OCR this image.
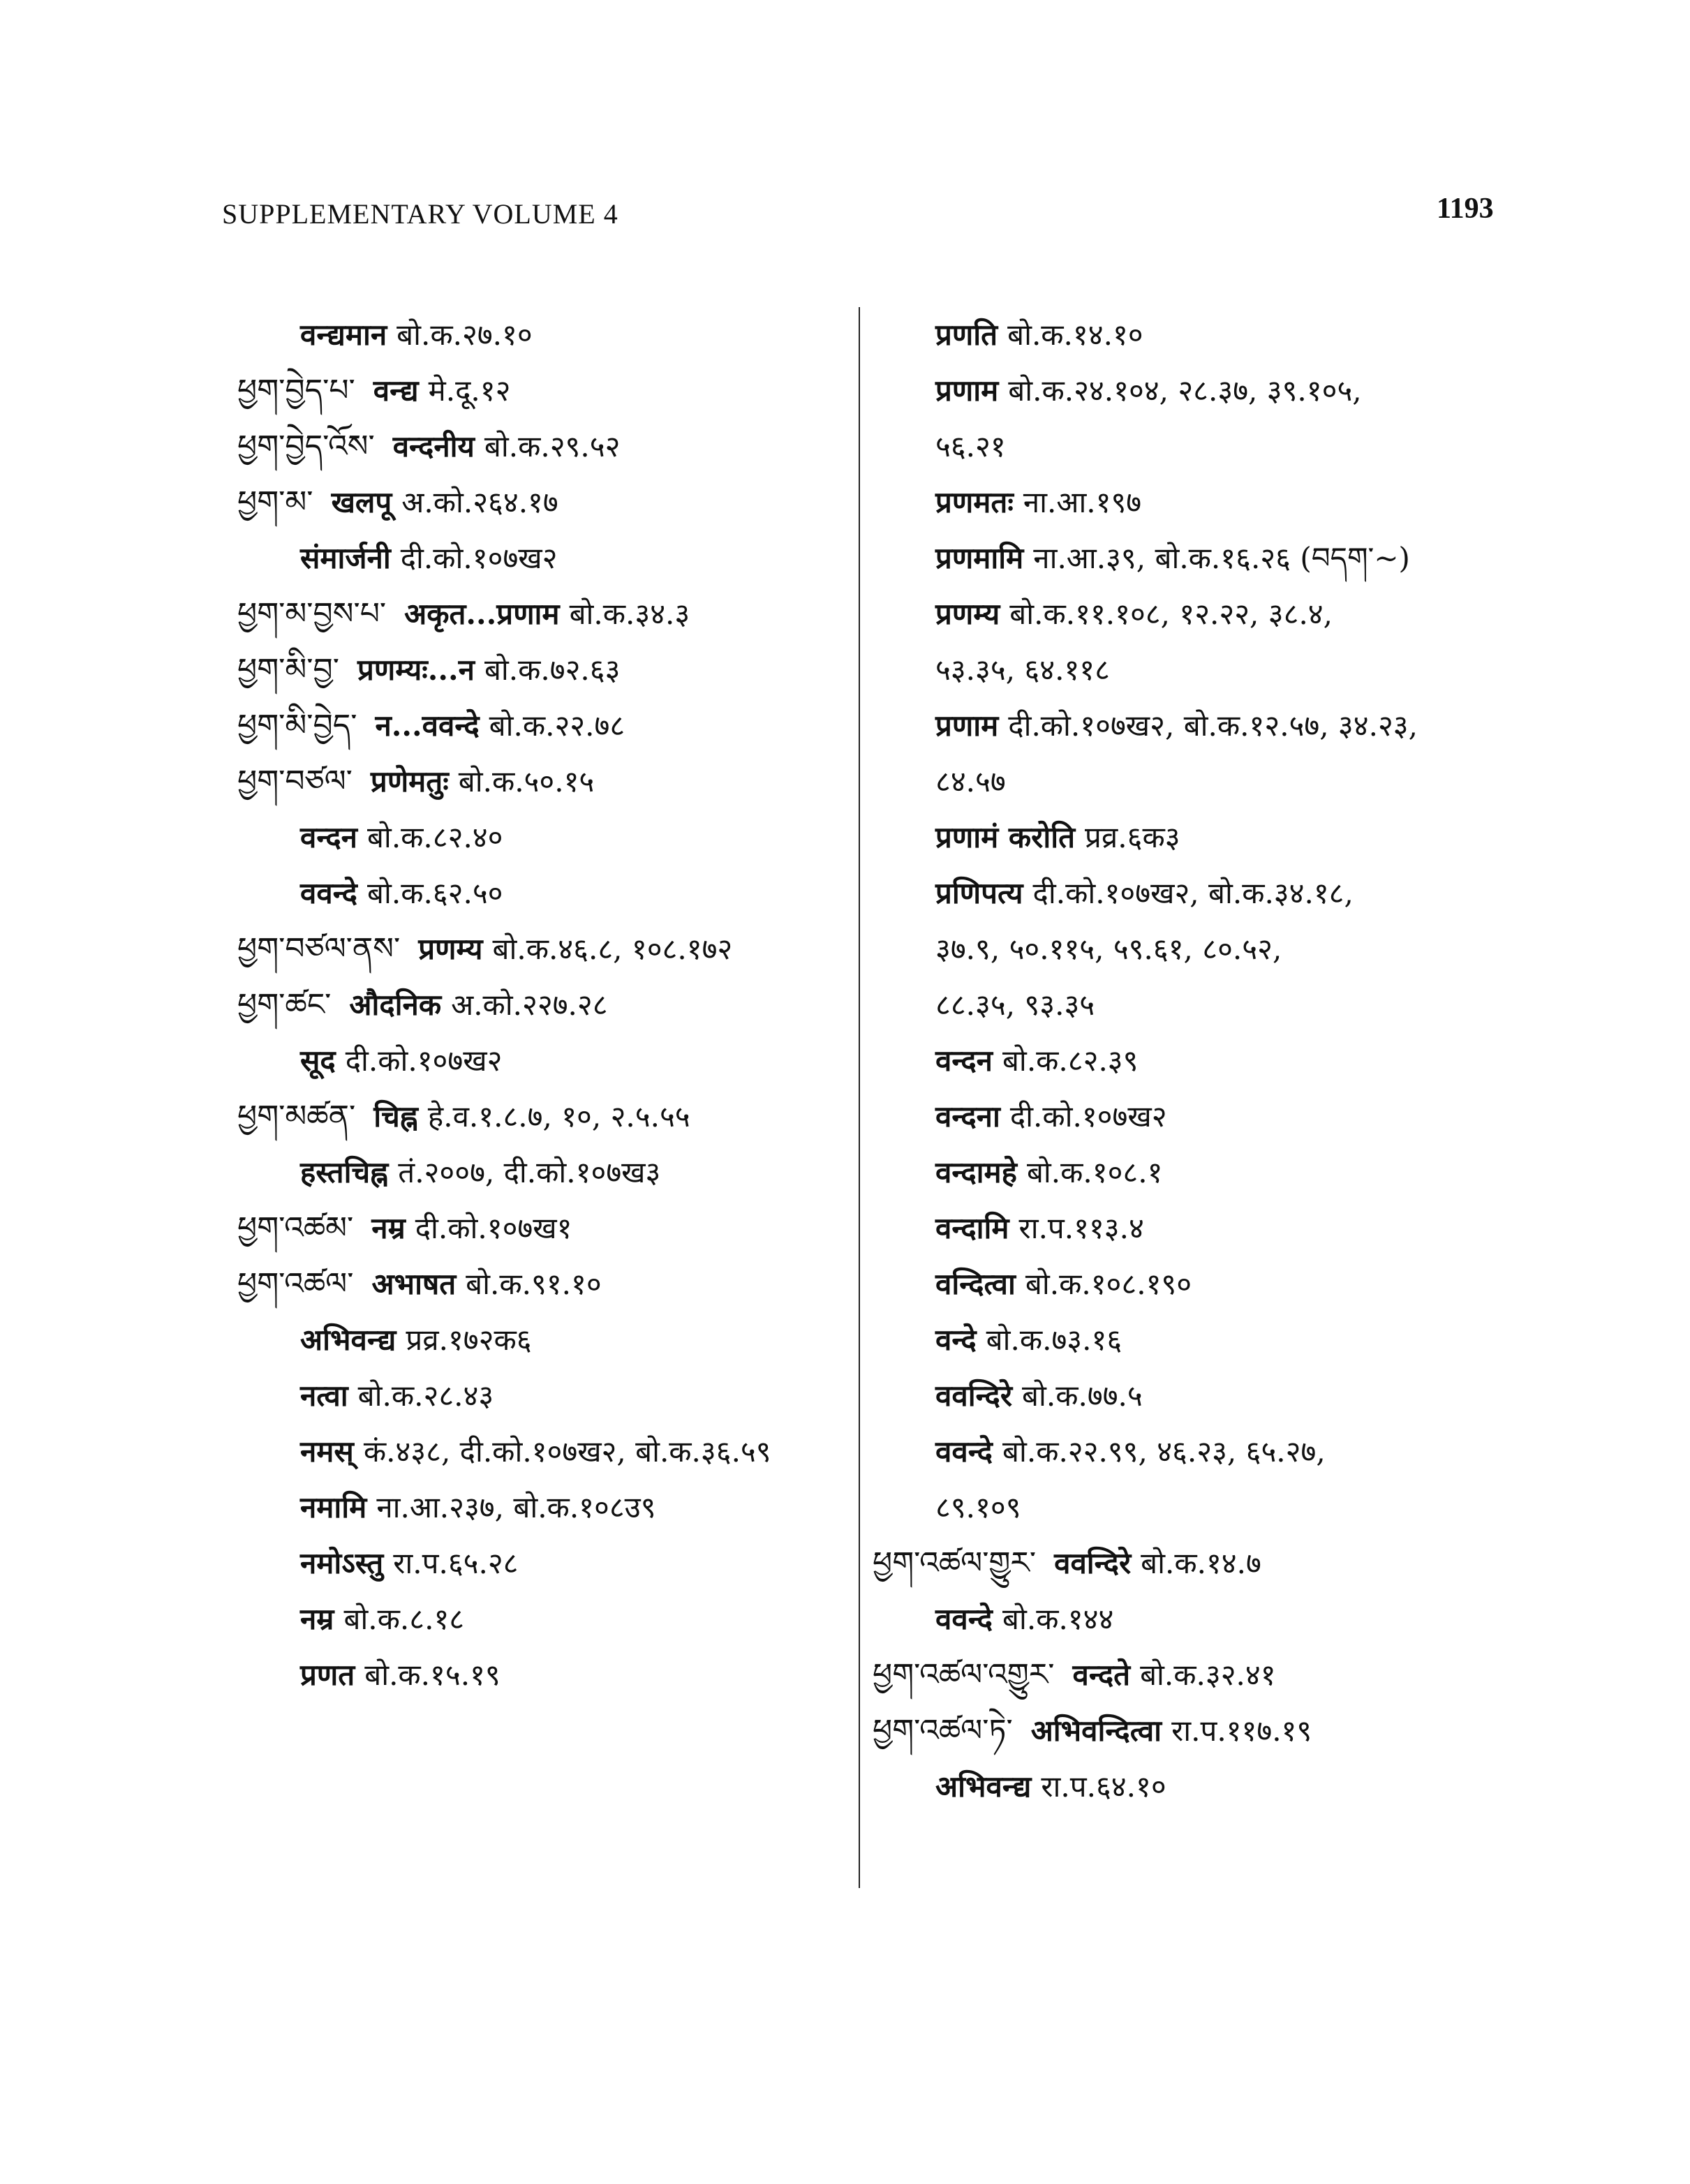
SUPPLEMENTARY VOLUME 4	1193
वन्द्यमान बो.क.२७.१०
ཕྱག་བྱེད་པ་ वन्द्य मे.दू.१२
ཕྱག་བྱེད་འོས་ वन्दनीय बो.क.२९.५२
ཕྱག་མ་ खलपू अ.को.२६४.१७
संमार्जनी दी.को.१०७ख२
ཕྱག་མ་བྱས་པ་ अकृत...प्रणाम बो.क.३४.३
ཕྱག་མི་བྱ་ प्रणम्यः...न बो.क.७२.६३
ཕྱག་མི་བྱེད་ न...ववन्दे बो.क.२२.७८
ཕྱག་བཙལ་ प्रणेमतुः बो.क.५०.१५
वन्दन बो.क.८२.४०
ववन्दे बो.क.६२.५०
ཕྱག་བཙལ་ནས་ प्रणम्य बो.क.४६.८, १०८.१७२
ཕྱག་ཚང་ औदनिक अ.को.२२७.२८
सूद दी.को.१०७ख२
ཕྱག་མཚན་ चिह्न हे.व.१.८.७, १०, २.५.५५
हस्तचिह्न तं.२००७, दी.को.१०७ख३
ཕྱག་འཚམ་ नम्र दी.को.१०७ख१
ཕྱག་འཚལ་ अभाषत बो.क.९१.१०
अभिवन्द्य प्रव्र.१७२क६
नत्वा बो.क.२८.४३
नमस् कं.४३८, दी.को.१०७ख२, बो.क.३६.५९
नमामि ना.आ.२३७, बो.क.१०८उ९
नमोऽस्तु रा.प.६५.२८
नम्र बो.क.८.१८
प्रणत बो.क.१५.१९
प्रणति बो.क.१४.१०
प्रणाम बो.क.२४.१०४, २८.३७, ३९.१०५,
५६.२१
प्रणमतः ना.आ.१९७
प्रणमामि ना.आ.३९, बो.क.१६.२६ (བདག་~)
प्रणम्य बो.क.११.१०८, १२.२२, ३८.४,
५३.३५, ६४.११८
प्रणाम दी.को.१०७ख२, बो.क.१२.५७, ३४.२३,
८४.५७
प्रणामं करोति प्रव्र.६क३
प्रणिपत्य दी.को.१०७ख२, बो.क.३४.१८,
३७.९, ५०.११५, ५९.६१, ८०.५२,
८८.३५, ९३.३५
वन्दन बो.क.८२.३९
वन्दना दी.को.१०७ख२
वन्दामहे बो.क.१०८.१
वन्दामि रा.प.११३.४
वन्दित्वा बो.क.१०८.१९०
वन्दे बो.क.७३.१६
ववन्दिरे बो.क.७७.५
ववन्दे बो.क.२२.९९, ४६.२३, ६५.२७,
८९.१०९
ཕྱག་འཚལ་གྱུར་ ववन्दिरे बो.क.१४.७
ववन्दे बो.क.१४४
ཕྱག་འཚལ་འགྱུར་ वन्दते बो.क.३२.४१
ཕྱག་འཚལ་ཏེ་ अभिवन्दित्वा रा.प.११७.१९
अभिवन्द्य रा.प.६४.१०
